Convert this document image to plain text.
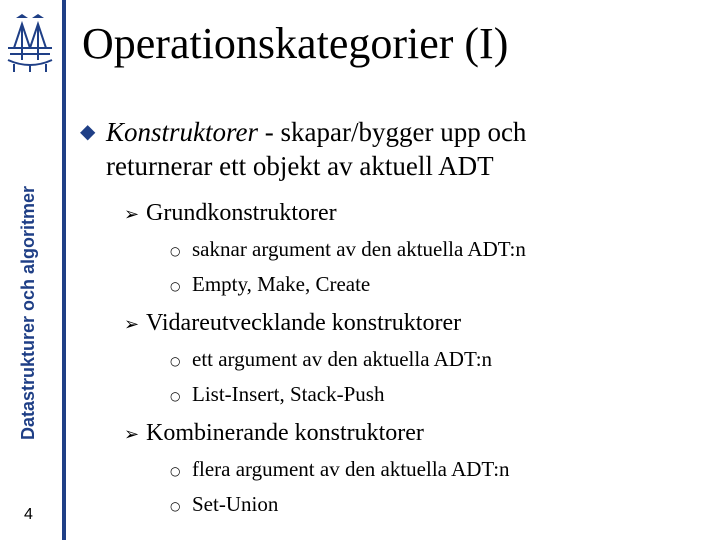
Datastrukturer och algoritmer
4
Operationskategorier (I)
◆ Konstruktorer - skapar/bygger upp och
returnerar ett objekt av aktuell ADT
➢ Grundkonstruktorer
○ saknar argument av den aktuella ADT:n
○ Empty, Make, Create
➢ Vidareutvecklande konstruktorer
○ ett argument av den aktuella ADT:n
○ List-Insert, Stack-Push
➢ Kombinerande konstruktorer
○ flera argument av den aktuella ADT:n
○ Set-Union
